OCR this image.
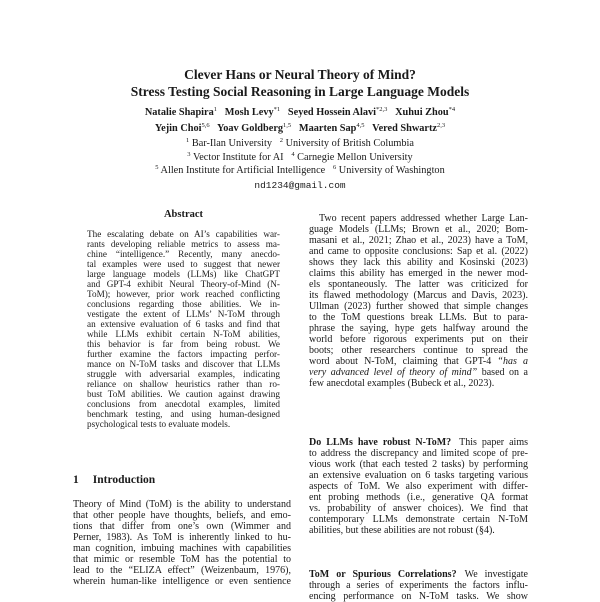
Clever Hans or Neural Theory of Mind?
Stress Testing Social Reasoning in Large Language Models
Natalie Shapira$^1$ Mosh Levy$^{*1}$ Seyed Hossein Alavi$^{*2,3}$ Xuhui Zhou$^{*4}$
Yejin Choi$^{5,6}$ Yoav Goldberg$^{1,5}$ Maarten Sap$^{4,5}$ Vered Shwartz$^{2,3}$
$^1$ Bar-Ilan University $^2$ University of British Columbia
$^3$ Vector Institute for AI $^4$ Carnegie Mellon University
$^5$ Allen Institute for Artificial Intelligence $^6$ University of Washington
nd1234@gmail.com
Abstract
The escalating debate on AI’s capabilities war-
rants developing reliable metrics to assess ma-
chine “intelligence.” Recently, many anecdo-
tal examples were used to suggest that newer
large language models (LLMs) like ChatGPT
and GPT-4 exhibit Neural Theory-of-Mind (N-
ToM); however, prior work reached conflicting
conclusions regarding those abilities. We in-
vestigate the extent of LLMs’ N-ToM through
an extensive evaluation of 6 tasks and find that
while LLMs exhibit certain N-ToM abilities,
this behavior is far from being robust. We
further examine the factors impacting perfor-
mance on N-ToM tasks and discover that LLMs
struggle with adversarial examples, indicating
reliance on shallow heuristics rather than ro-
bust ToM abilities. We caution against drawing
conclusions from anecdotal examples, limited
benchmark testing, and using human-designed
psychological tests to evaluate models.
1 Introduction
Theory of Mind (ToM) is the ability to understand
that other people have thoughts, beliefs, and emo-
tions that differ from one’s own (Wimmer and
Perner, 1983). As ToM is inherently linked to hu-
man cognition, imbuing machines with capabilities
that mimic or resemble ToM has the potential to
lead to the “ELIZA effect” (Weizenbaum, 1976),
wherein human-like intelligence or even sentience
 Two recent papers addressed whether Large Lan-
guage Models (LLMs; Brown et al., 2020; Bom-
masani et al., 2021; Zhao et al., 2023) have a ToM,
and came to opposite conclusions: Sap et al. (2022)
shows they lack this ability and Kosinski (2023)
claims this ability has emerged in the newer mod-
els spontaneously. The latter was criticized for
its flawed methodology (Marcus and Davis, 2023).
Ullman (2023) further showed that simple changes
to the ToM questions break LLMs. But to para-
phrase the saying, hype gets halfway around the
world before rigorous experiments put on their
boots; other researchers continue to spread the
word about N-ToM, claiming that GPT-4 “has a
very advanced level of theory of mind” based on a
few anecdotal examples (Bubeck et al., 2023).
Do LLMs have robust N-ToM? This paper aims
to address the discrepancy and limited scope of pre-
vious work (that each tested 2 tasks) by performing
an extensive evaluation on 6 tasks targeting various
aspects of ToM. We also experiment with differ-
ent probing methods (i.e., generative QA format
vs. probability of answer choices). We find that
contemporary LLMs demonstrate certain N-ToM
abilities, but these abilities are not robust (§4).
ToM or Spurious Correlations? We investigate
through a series of experiments the factors influ-
encing performance on N-ToM tasks. We show
